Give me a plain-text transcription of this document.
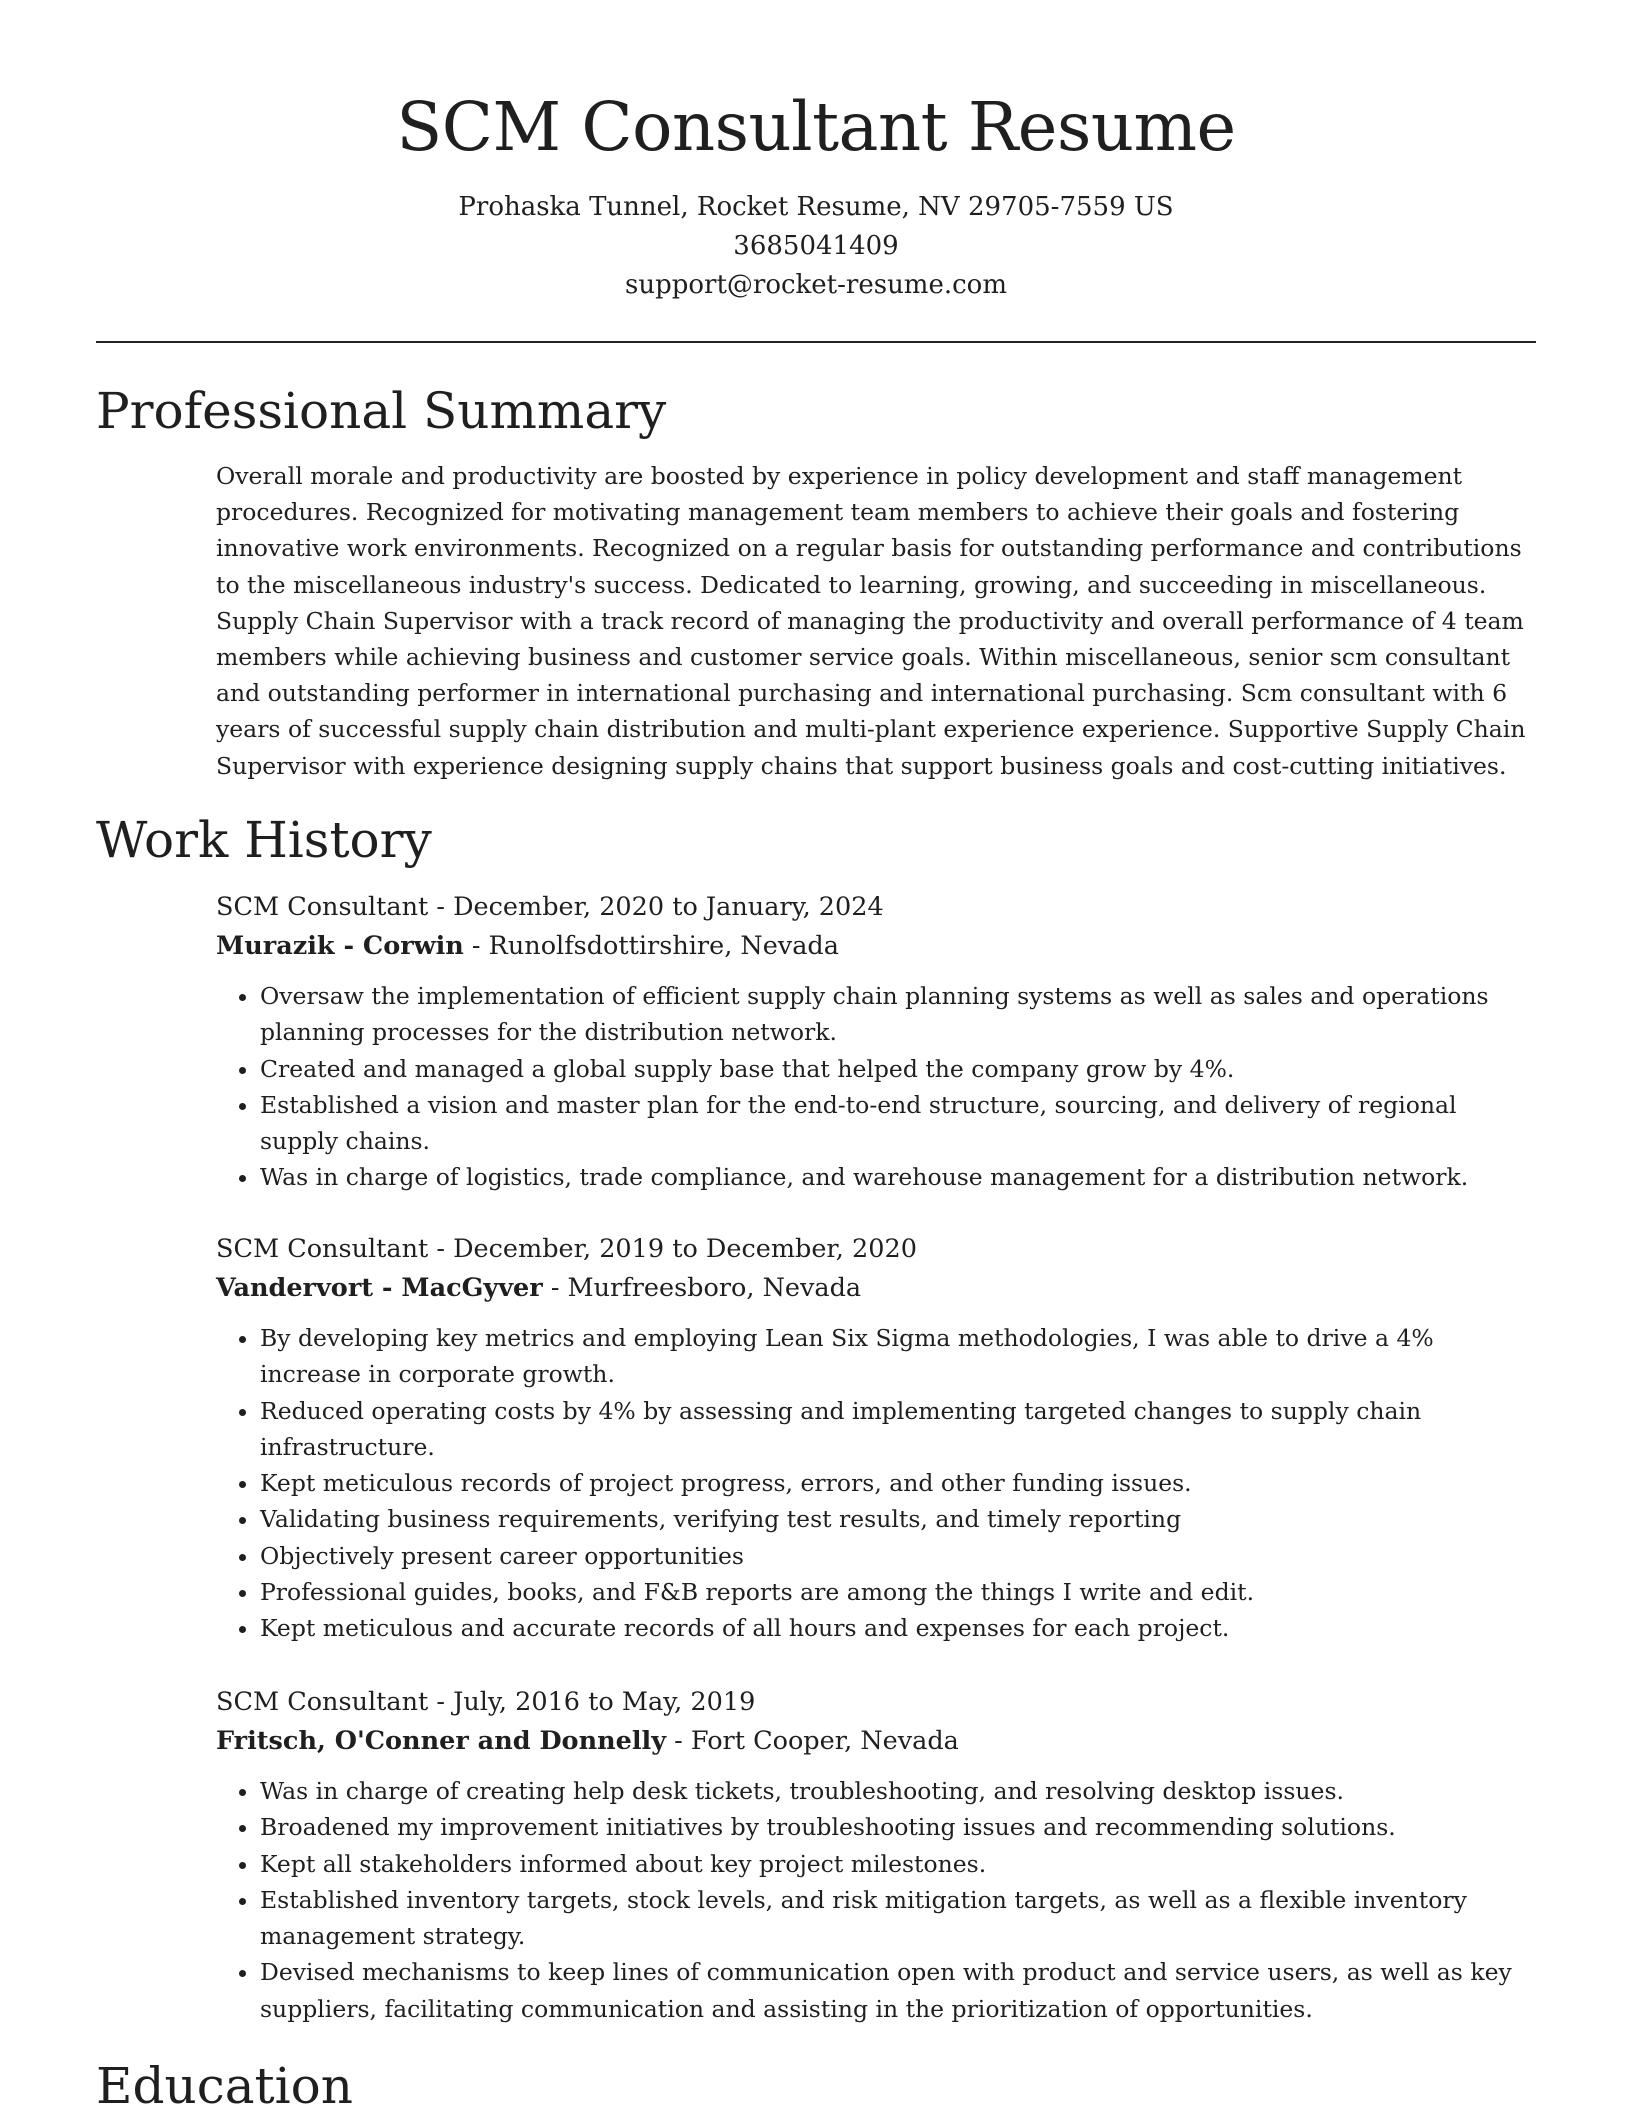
SCM Consultant Resume
Prohaska Tunnel, Rocket Resume, NV 29705-7559 US
3685041409
support@rocket-resume.com
Professional Summary
Overall morale and productivity are boosted by experience in policy development and staff management procedures. Recognized for motivating management team members to achieve their goals and fostering innovative work environments. Recognized on a regular basis for outstanding performance and contributions to the miscellaneous industry's success. Dedicated to learning, growing, and succeeding in miscellaneous. Supply Chain Supervisor with a track record of managing the productivity and overall performance of 4 team members while achieving business and customer service goals. Within miscellaneous, senior scm consultant and outstanding performer in international purchasing and international purchasing. Scm consultant with 6 years of successful supply chain distribution and multi-plant experience experience. Supportive Supply Chain Supervisor with experience designing supply chains that support business goals and cost-cutting initiatives.
Work History
SCM Consultant - December, 2020 to January, 2024
Murazik - Corwin - Runolfsdottirshire, Nevada
• Oversaw the implementation of efficient supply chain planning systems as well as sales and operations planning processes for the distribution network.
• Created and managed a global supply base that helped the company grow by 4%.
• Established a vision and master plan for the end-to-end structure, sourcing, and delivery of regional supply chains.
• Was in charge of logistics, trade compliance, and warehouse management for a distribution network.
SCM Consultant - December, 2019 to December, 2020
Vandervort - MacGyver - Murfreesboro, Nevada
• By developing key metrics and employing Lean Six Sigma methodologies, I was able to drive a 4% increase in corporate growth.
• Reduced operating costs by 4% by assessing and implementing targeted changes to supply chain infrastructure.
• Kept meticulous records of project progress, errors, and other funding issues.
• Validating business requirements, verifying test results, and timely reporting
• Objectively present career opportunities
• Professional guides, books, and F&B reports are among the things I write and edit.
• Kept meticulous and accurate records of all hours and expenses for each project.
SCM Consultant - July, 2016 to May, 2019
Fritsch, O'Conner and Donnelly - Fort Cooper, Nevada
• Was in charge of creating help desk tickets, troubleshooting, and resolving desktop issues.
• Broadened my improvement initiatives by troubleshooting issues and recommending solutions.
• Kept all stakeholders informed about key project milestones.
• Established inventory targets, stock levels, and risk mitigation targets, as well as a flexible inventory management strategy.
• Devised mechanisms to keep lines of communication open with product and service users, as well as key suppliers, facilitating communication and assisting in the prioritization of opportunities.
Education
